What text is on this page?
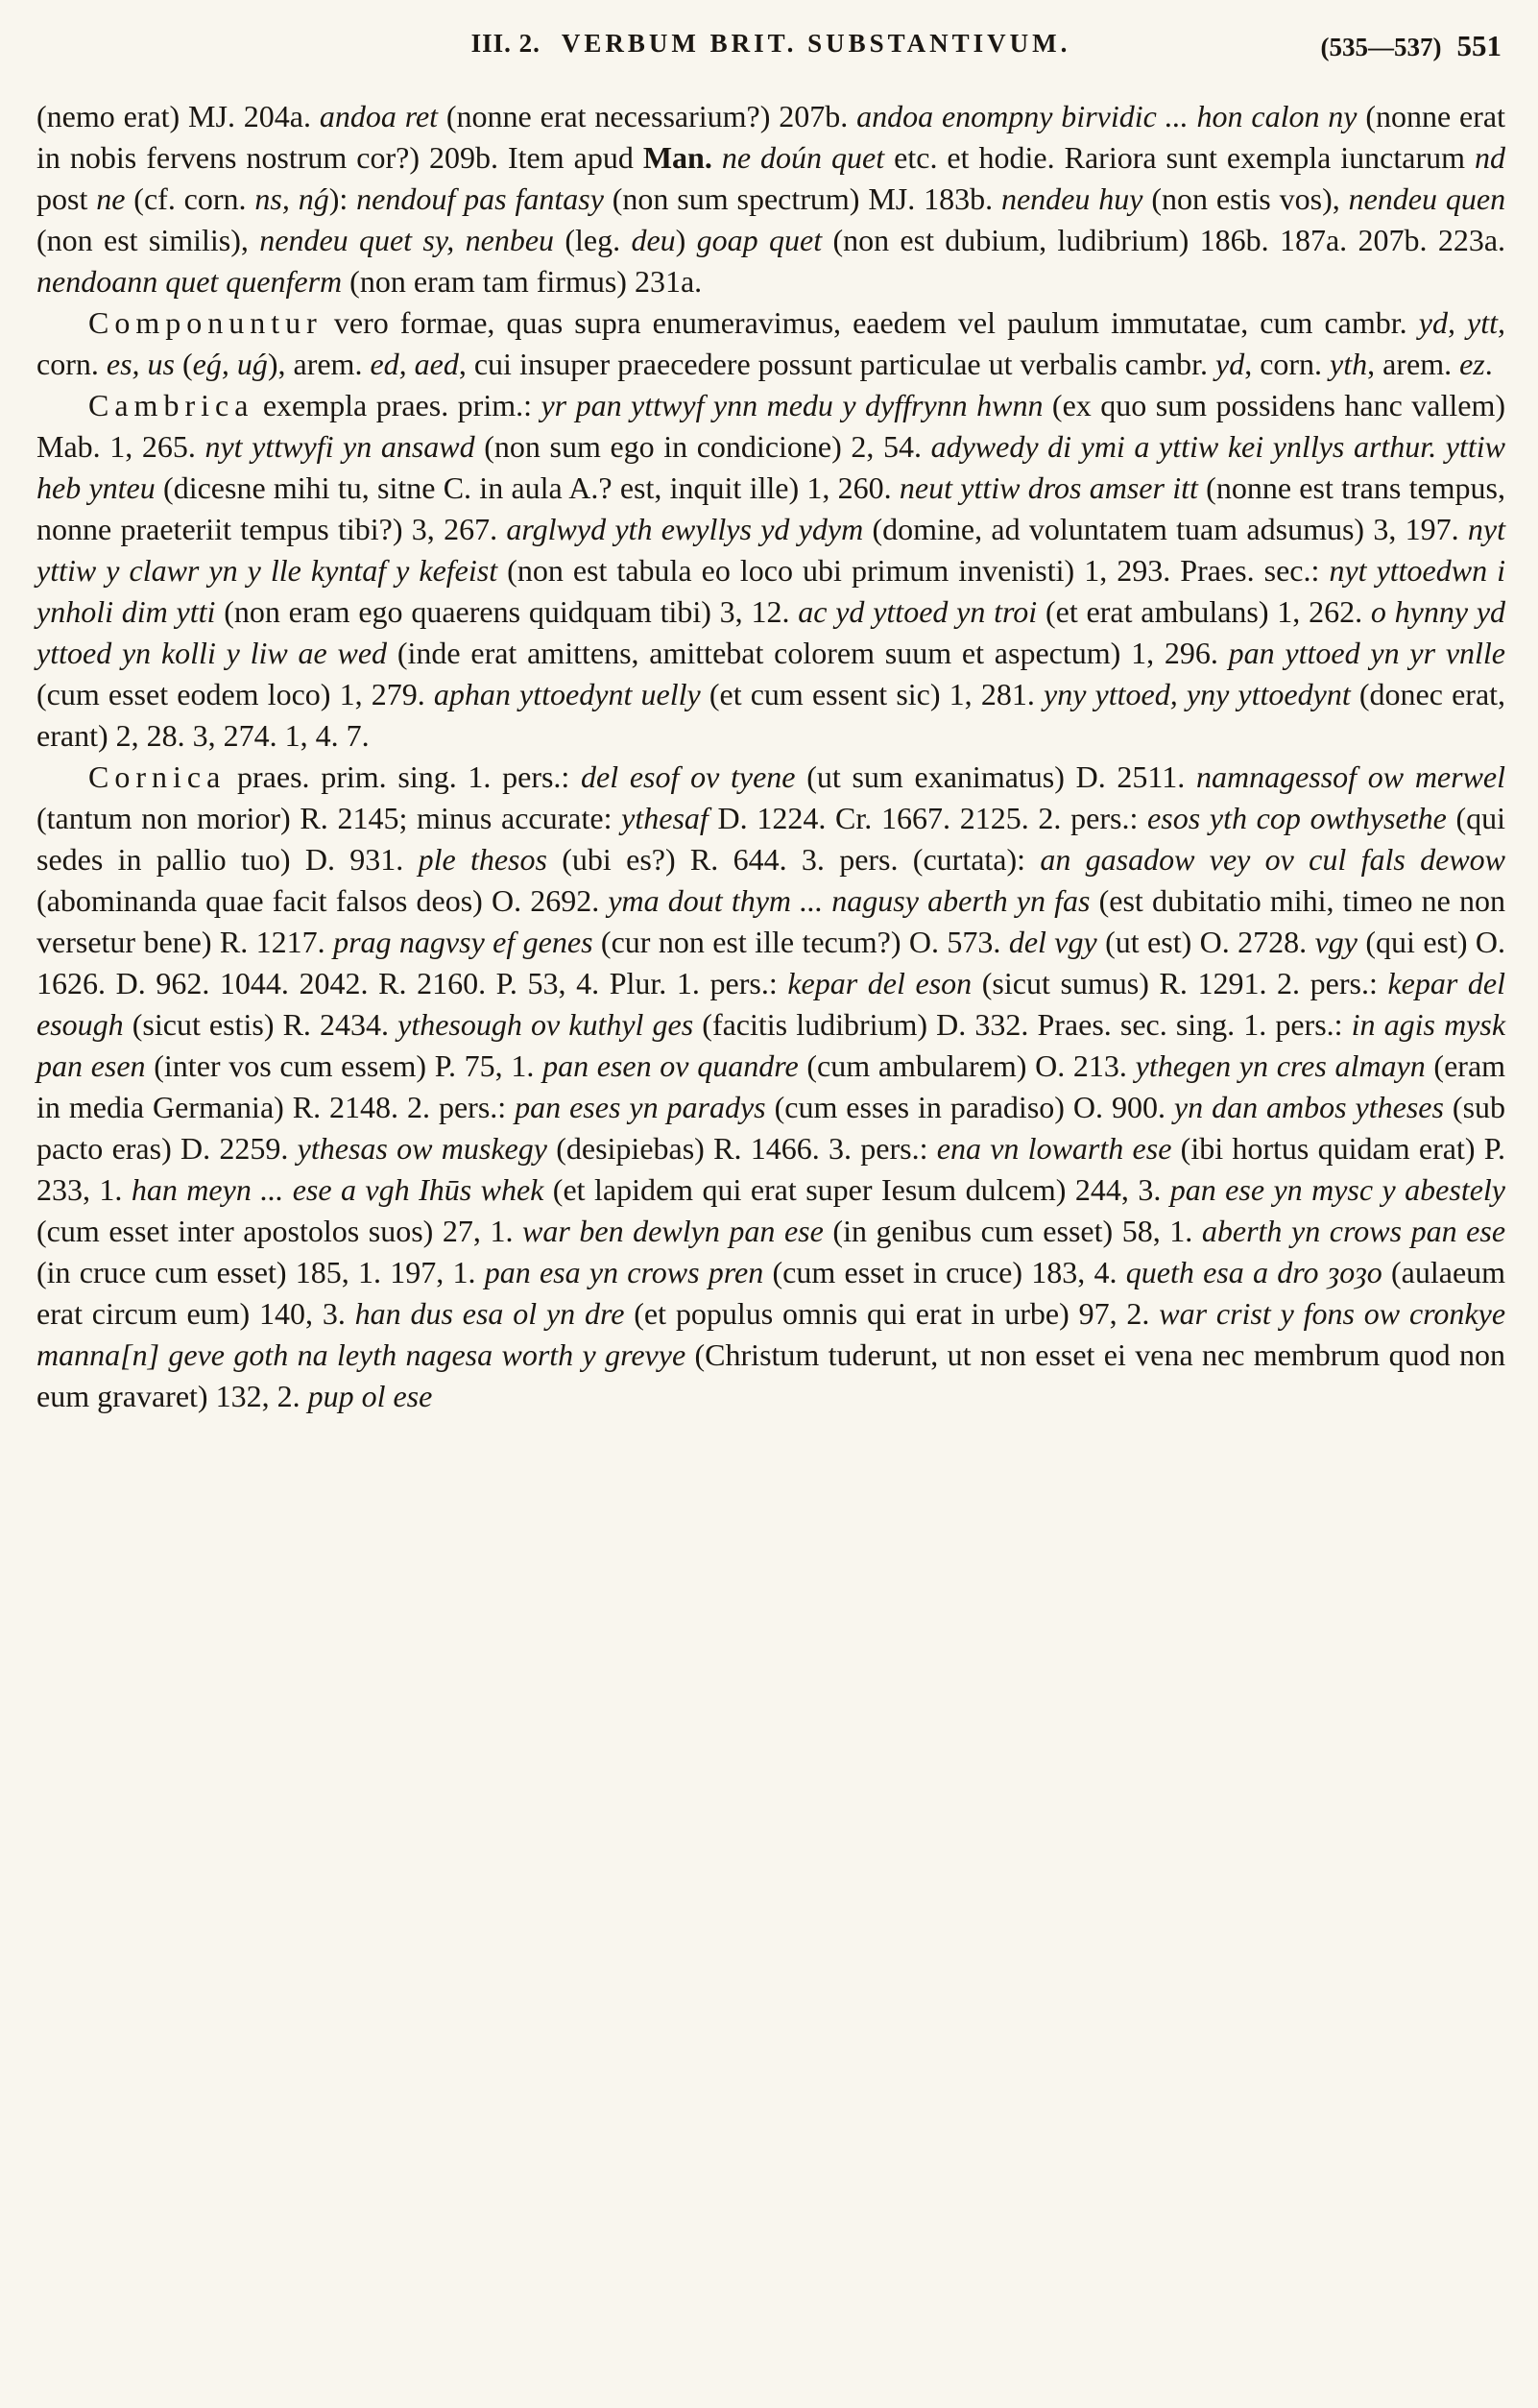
III. 2. VERBUM BRIT. SUBSTANTIVUM.	(535—537) 551

(nemo erat) MJ. 204a. andoa ret (nonne erat necessarium?) 207b. andoa enompny birvidic ... hon calon ny (nonne erat in nobis fervens nostrum cor?) 209b. Item apud Man. ne doún quet etc. et hodie. Rariora sunt exempla iunctarum nd post ne (cf. corn. ns, nǵ): nendouf pas fantasy (non sum spectrum) MJ. 183b. nendeu huy (non estis vos), nendeu quen (non est similis), nendeu quet sy, nenbeu (leg. deu) goap quet (non est dubium, ludibrium) 186b. 187a. 207b. 223a. nendoann quet quenferm (non eram tam firmus) 231a.

Componuntur vero formae, quas supra enumeravimus, eaedem vel paulum immutatae, cum cambr. yd, ytt, corn. es, us (eǵ, uǵ), arem. ed, aed, cui insuper praecedere possunt particulae ut verbalis cambr. yd, corn. yth, arem. ez.

Cambrica exempla praes. prim.: yr pan yttwyf ynn medu y dyffrynn hwnn (ex quo sum possidens hanc vallem) Mab. 1, 265. nyt yttwyfi yn ansawd (non sum ego in condicione) 2, 54. adywedy di ymi a yttiw kei ynllys arthur. yttiw heb ynteu (dicesne mihi tu, sitne C. in aula A.? est, inquit ille) 1, 260. neut yttiw dros amser itt (nonne est trans tempus, nonne praeteriit tempus tibi?) 3, 267. arglwyd yth ewyllys yd ydym (domine, ad voluntatem tuam adsumus) 3, 197. nyt yttiw y clawr yn y lle kyntaf y kefeist (non est tabula eo loco ubi primum invenisti) 1, 293. Praes. sec.: nyt yttoedwn i ynholi dim ytti (non eram ego quaerens quidquam tibi) 3, 12. ac yd yttoed yn troi (et erat ambulans) 1, 262. o hynny yd yttoed yn kolli y liw ae wed (inde erat amittens, amittebat colorem suum et aspectum) 1, 296. pan yttoed yn yr vnlle (cum esset eodem loco) 1, 279. aphan yttoedynt uelly (et cum essent sic) 1, 281. yny yttoed, yny yttoedynt (donec erat, erant) 2, 28. 3, 274. 1, 4. 7.

Cornica praes. prim. sing. 1. pers.: del esof ov tyene (ut sum exanimatus) D. 2511. namnagessof ow merwel (tantum non morior) R. 2145; minus accurate: ythesaf D. 1224. Cr. 1667. 2125. 2. pers.: esos yth cop owthysethe (qui sedes in pallio tuo) D. 931. ple thesos (ubi es?) R. 644. 3. pers. (curtata): an gasadow vey ov cul fals dewow (abominanda quae facit falsos deos) O. 2692. yma dout thym ... nagusy aberth yn fas (est dubitatio mihi, timeo ne non versetur bene) R. 1217. prag nagvsy ef genes (cur non est ille tecum?) O. 573. del vgy (ut est) O. 2728. vgy (qui est) O. 1626. D. 962. 1044. 2042. R. 2160. P. 53, 4. Plur. 1. pers.: kepar del eson (sicut sumus) R. 1291. 2. pers.: kepar del esough (sicut estis) R. 2434. ythesough ov kuthyl ges (facitis ludibrium) D. 332. Praes. sec. sing. 1. pers.: in agis mysk pan esen (inter vos cum essem) P. 75, 1. pan esen ov quandre (cum ambularem) O. 213. ythegen yn cres almayn (eram in media Germania) R. 2148. 2. pers.: pan eses yn paradys (cum esses in paradiso) O. 900. yn dan ambos ytheses (sub pacto eras) D. 2259. ythesas ow muskegy (desipiebas) R. 1466. 3. pers.: ena vn lowarth ese (ibi hortus quidam erat) P. 233, 1. han meyn ... ese a vgh Ihūs whek (et lapidem qui erat super Iesum dulcem) 244, 3. pan ese yn mysc y abestely (cum esset inter apostolos suos) 27, 1. war ben dewlyn pan ese (in genibus cum esset) 58, 1. aberth yn crows pan ese (in cruce cum esset) 185, 1. 197, 1. pan esa yn crows pren (cum esset in cruce) 183, 4. queth esa a dro ȝoȝo (aulaeum erat circum eum) 140, 3. han dus esa ol yn dre (et populus omnis qui erat in urbe) 97, 2. war crist y fons ow cronkye manna[n] geve goth na leyth nagesa worth y grevye (Christum tuderunt, ut non esset ei vena nec membrum quod non eum gravaret) 132, 2. pup ol ese
